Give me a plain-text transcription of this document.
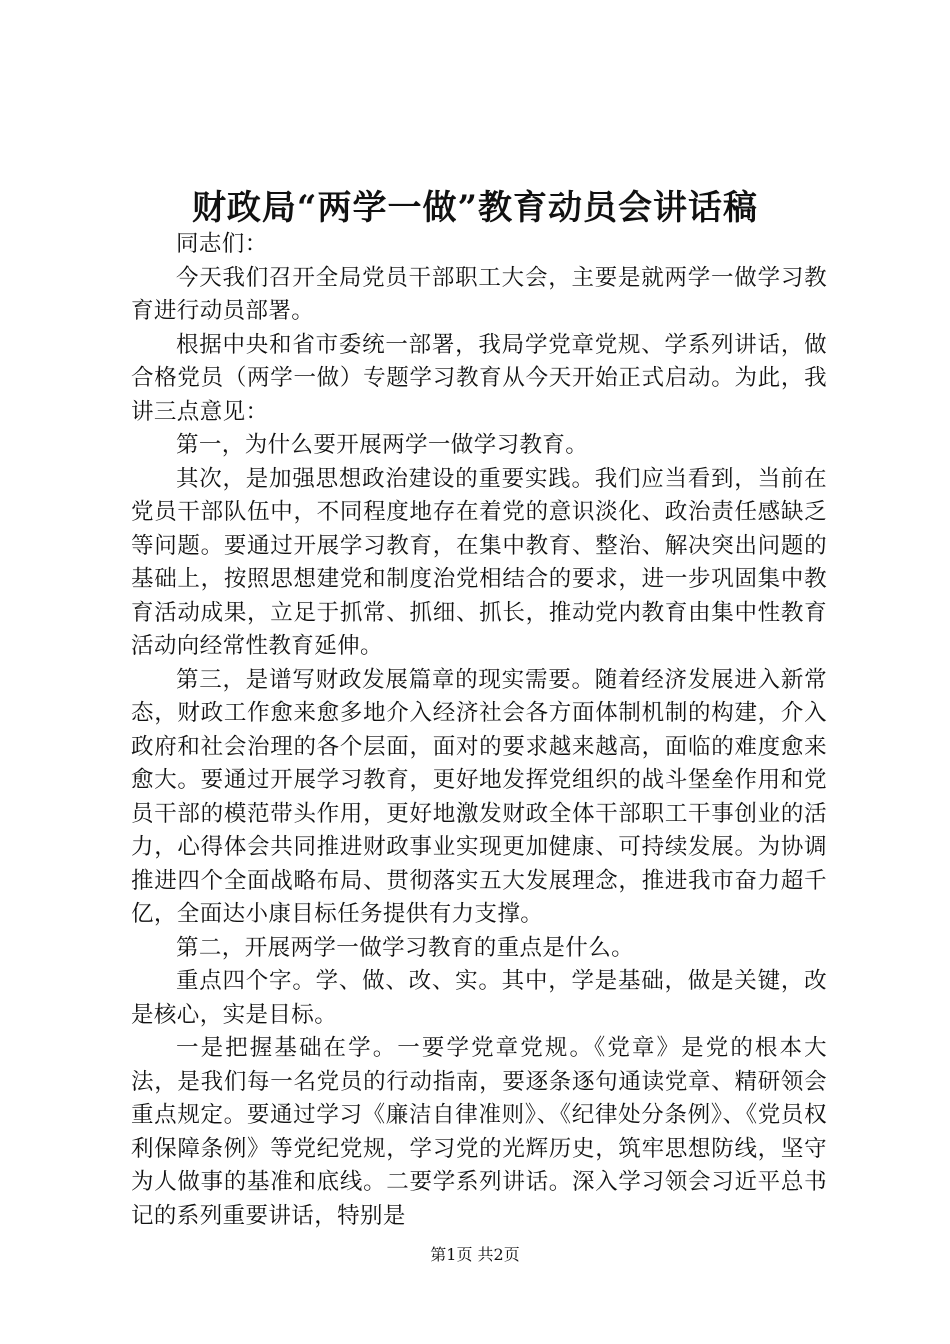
财政局“两学一做”教育动员会讲话稿

同志们：

今天我们召开全局党员干部职工大会，主要是就两学一做学习教育进行动员部署。

根据中央和省市委统一部署，我局学党章党规、学系列讲话，做合格党员（两学一做）专题学习教育从今天开始正式启动。为此，我讲三点意见：

第一，为什么要开展两学一做学习教育。

其次，是加强思想政治建设的重要实践。我们应当看到，当前在党员干部队伍中，不同程度地存在着党的意识淡化、政治责任感缺乏等问题。要通过开展学习教育，在集中教育、整治、解决突出问题的基础上，按照思想建党和制度治党相结合的要求，进一步巩固集中教育活动成果，立足于抓常、抓细、抓长，推动党内教育由集中性教育活动向经常性教育延伸。

第三，是谱写财政发展篇章的现实需要。随着经济发展进入新常态，财政工作愈来愈多地介入经济社会各方面体制机制的构建，介入政府和社会治理的各个层面，面对的要求越来越高，面临的难度愈来愈大。要通过开展学习教育，更好地发挥党组织的战斗堡垒作用和党员干部的模范带头作用，更好地激发财政全体干部职工干事创业的活力，心得体会共同推进财政事业实现更加健康、可持续发展。为协调推进四个全面战略布局、贯彻落实五大发展理念，推进我市奋力超千亿，全面达小康目标任务提供有力支撑。

第二，开展两学一做学习教育的重点是什么。

重点四个字。学、做、改、实。其中，学是基础，做是关键，改是核心，实是目标。

一是把握基础在学。一要学党章党规。《党章》是党的根本大法，是我们每一名党员的行动指南，要逐条逐句通读党章、精研领会重点规定。要通过学习《廉洁自律准则》、《纪律处分条例》、《党员权利保障条例》等党纪党规，学习党的光辉历史，筑牢思想防线，坚守为人做事的基准和底线。二要学系列讲话。深入学习领会习近平总书记的系列重要讲话，特别是

第1页 共2页
